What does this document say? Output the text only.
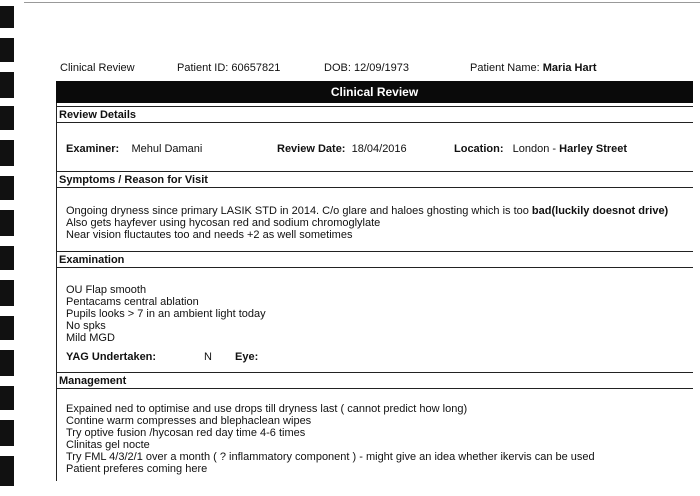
Clinical Review	Patient ID: 60657821	DOB: 12/09/1973	Patient Name: Maria Hart
Clinical Review
Review Details
Examiner: Mehul Damani	Review Date: 18/04/2016	Location: London - Harley Street
Symptoms / Reason for Visit
Ongoing dryness since primary LASIK STD in 2014. C/o glare and haloes ghosting which is too bad(luckily doesnot drive)
Also gets hayfever using hycosan red and sodium chromoglylate
Near vision fluctautes too and needs +2 as well sometimes
Examination
OU Flap smooth
Pentacams central ablation
Pupils looks > 7 in an ambient light today
No spks
Mild MGD
YAG Undertaken:	N Eye:
Management
Expained ned to optimise and use drops till dryness last ( cannot predict how long)
Contine warm compresses and blephaclean wipes
Try optive fusion /hycosan red day time 4-6 times
Clinitas gel nocte
Try FML 4/3/2/1 over a month ( ? inflammatory component ) - might give an idea whether ikervis can be used
Patient preferes coming here
